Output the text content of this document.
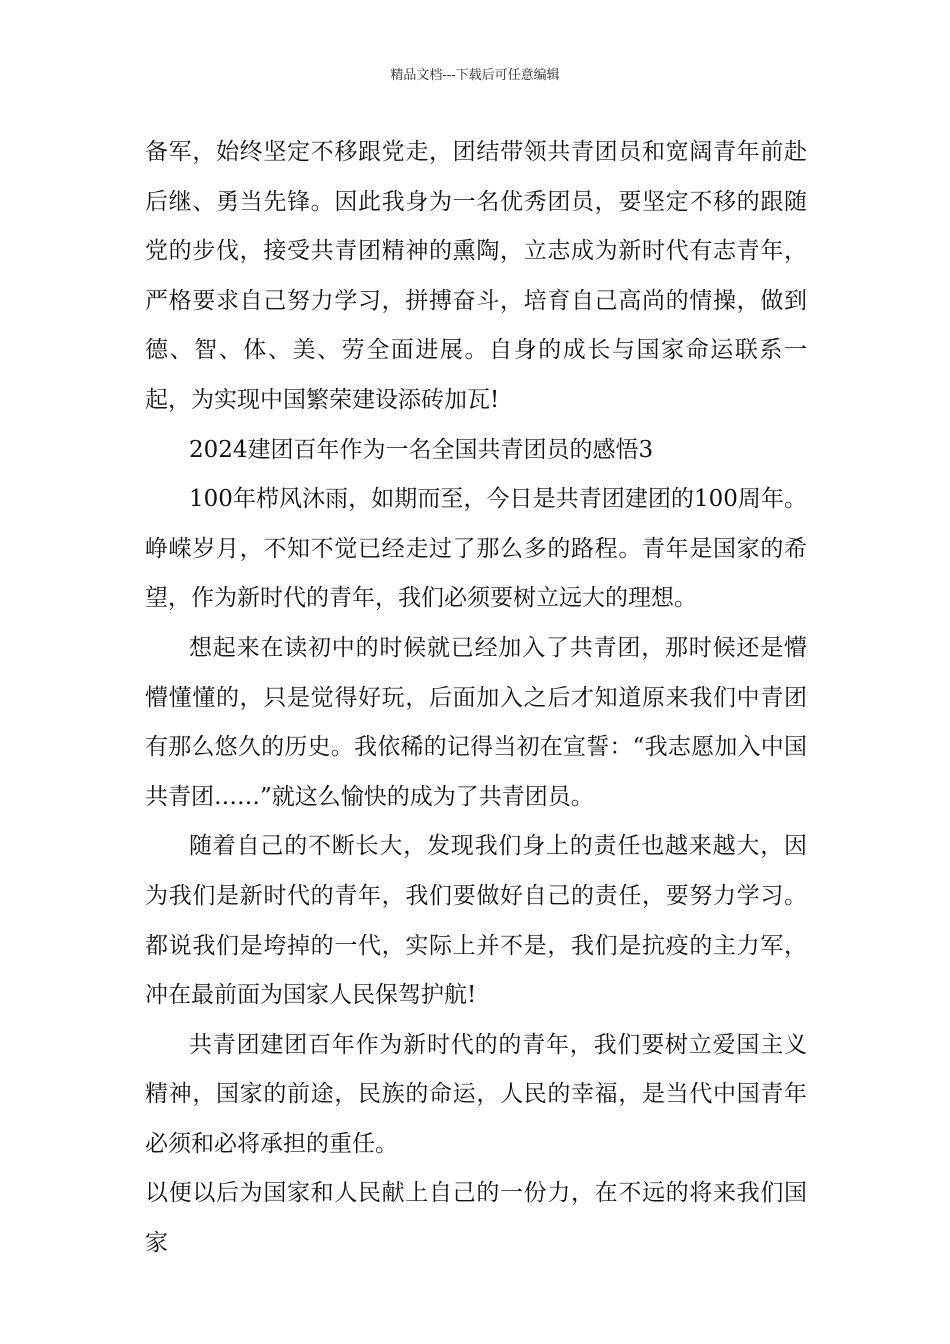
精品文档---下载后可任意编辑

备军，始终坚定不移跟党走，团结带领共青团员和宽阔青年前赴后继、勇当先锋。因此我身为一名优秀团员，要坚定不移的跟随党的步伐，接受共青团精神的熏陶，立志成为新时代有志青年，严格要求自己努力学习，拼搏奋斗，培育自己高尚的情操，做到德、智、体、美、劳全面进展。自身的成长与国家命运联系一起，为实现中国繁荣建设添砖加瓦!

2024建团百年作为一名全国共青团员的感悟3

100年栉风沐雨，如期而至，今日是共青团建团的100周年。峥嵘岁月，不知不觉已经走过了那么多的路程。青年是国家的希望，作为新时代的青年，我们必须要树立远大的理想。

想起来在读初中的时候就已经加入了共青团，那时候还是懵懵懂懂的，只是觉得好玩，后面加入之后才知道原来我们中青团有那么悠久的历史。我依稀的记得当初在宣誓：“我志愿加入中国共青团……”就这么愉快的成为了共青团员。

随着自己的不断长大，发现我们身上的责任也越来越大，因为我们是新时代的青年，我们要做好自己的责任，要努力学习。都说我们是垮掉的一代，实际上并不是，我们是抗疫的主力军，冲在最前面为国家人民保驾护航!

共青团建团百年作为新时代的的青年，我们要树立爱国主义精神，国家的前途，民族的命运，人民的幸福，是当代中国青年必须和必将承担的重任。

以便以后为国家和人民献上自己的一份力，在不远的将来我们国家
